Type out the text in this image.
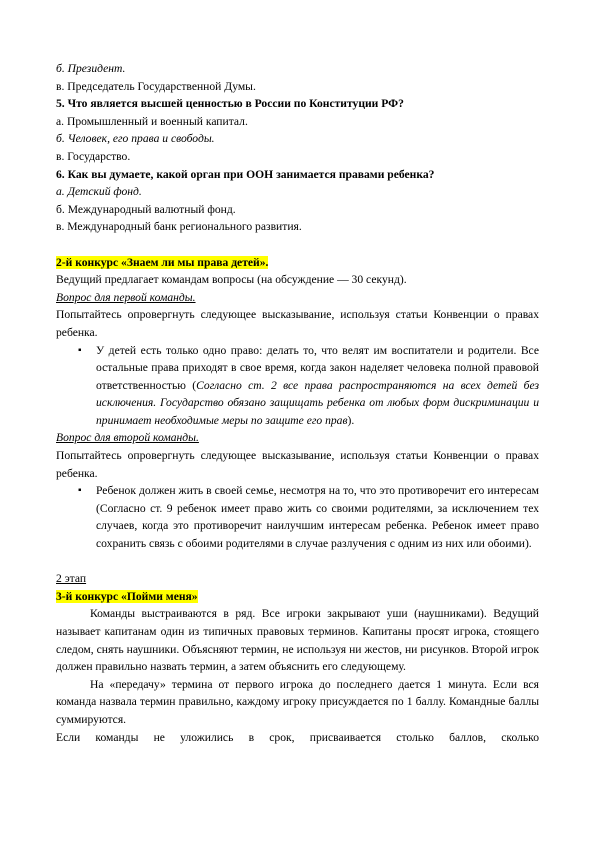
б. Президент.
в. Председатель Государственной Думы.
5. Что является высшей ценностью в России по Конституции РФ?
а. Промышленный и военный капитал.
б. Человек, его права и свободы.
в. Государство.
6. Как вы думаете, какой орган при ООН занимается правами ребенка?
а. Детский фонд.
б. Международный валютный фонд.
в. Международный банк регионального развития.
2-й конкурс «Знаем ли мы права детей».
Ведущий предлагает командам вопросы (на обсуждение — 30 секунд).
Вопрос для первой команды.
Попытайтесь опровергнуть следующее высказывание, используя статьи Конвенции о правах ребенка.
▪	У детей есть только одно право: делать то, что велят им воспитатели и родители. Все остальные права приходят в свое время, когда закон наделяет человека полной правовой ответственностью (Согласно ст. 2 все права распространяются на всех детей без исключения. Государство обязано защищать ребенка от любых форм дискриминации и принимает необходимые меры по защите его прав).
Вопрос для второй команды.
Попытайтесь опровергнуть следующее высказывание, используя статьи Конвенции о правах ребенка.
▪	Ребенок должен жить в своей семье, несмотря на то, что это противоречит его интересам (Согласно ст. 9 ребенок имеет право жить со своими родителями, за исключением тех случаев, когда это противоречит наилучшим интересам ребенка. Ребенок имеет право сохранить связь с обоими родителями в случае разлучения с одним из них или обоими).
2 этап
3-й конкурс «Пойми меня»
Команды выстраиваются в ряд. Все игроки закрывают уши (наушниками). Ведущий называет капитанам один из типичных правовых терминов. Капитаны просят игрока, стоящего следом, снять наушники. Объясняют термин, не используя ни жестов, ни рисунков. Второй игрок должен правильно назвать термин, а затем объяснить его следующему.
На «передачу» термина от первого игрока до последнего дается 1 минута. Если вся команда назвала термин правильно, каждому игроку присуждается по 1 баллу. Командные баллы суммируются.
Если команды не уложились в срок, присваивается столько баллов, сколько
